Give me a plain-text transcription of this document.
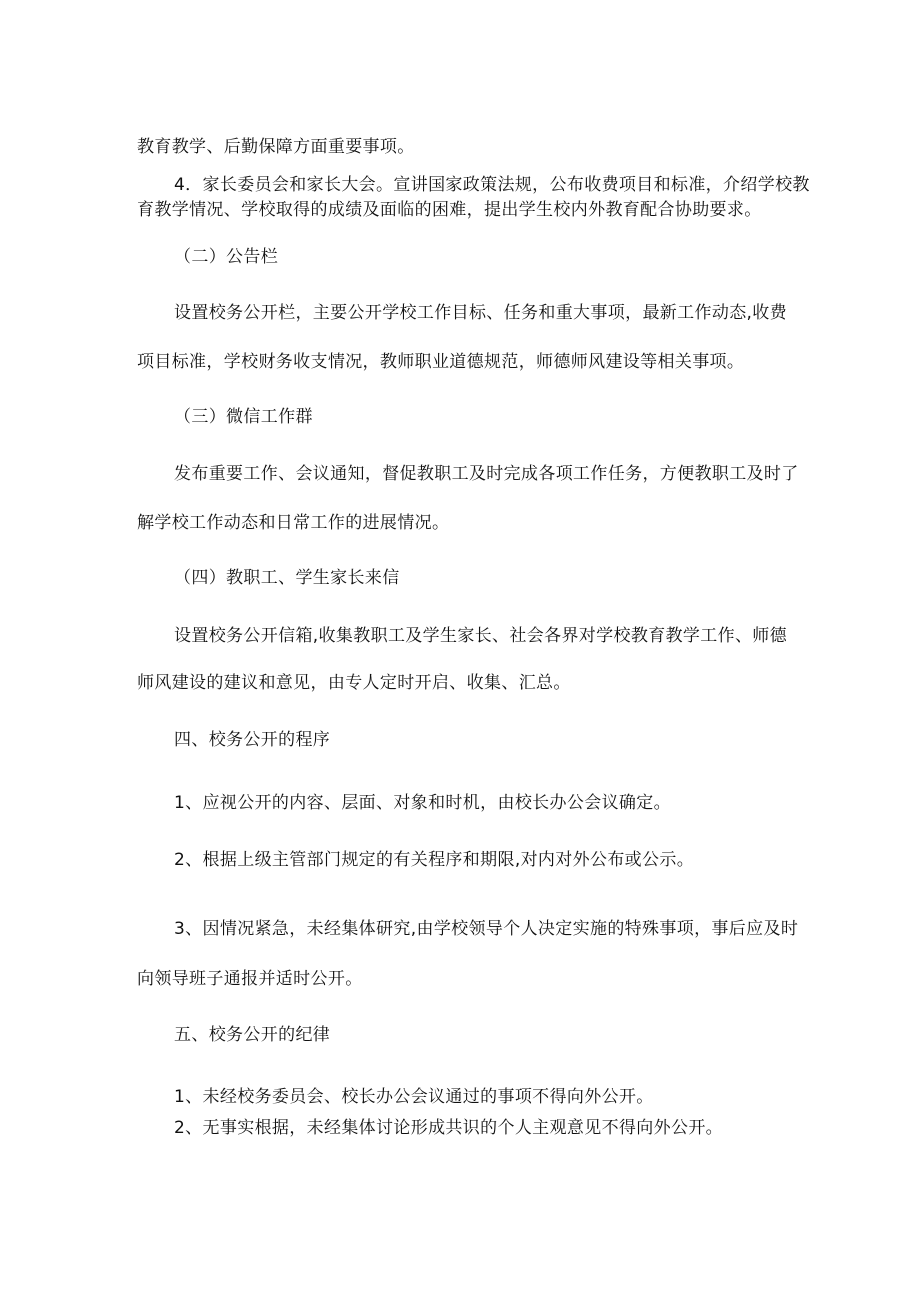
教育教学、后勤保障方面重要事项。
4．家长委员会和家长大会。宣讲国家政策法规，公布收费项目和标准，介绍学校教
育教学情况、学校取得的成绩及面临的困难，提出学生校内外教育配合协助要求。
（二）公告栏
设置校务公开栏，主要公开学校工作目标、任务和重大事项，最新工作动态,收费
项目标准，学校财务收支情况，教师职业道德规范，师德师风建设等相关事项。
（三）微信工作群
发布重要工作、会议通知，督促教职工及时完成各项工作任务，方便教职工及时了
解学校工作动态和日常工作的进展情况。
（四）教职工、学生家长来信
设置校务公开信箱,收集教职工及学生家长、社会各界对学校教育教学工作、师德
师风建设的建议和意见，由专人定时开启、收集、汇总。
四、校务公开的程序
1、应视公开的内容、层面、对象和时机，由校长办公会议确定。
2、根据上级主管部门规定的有关程序和期限,对内对外公布或公示。
3、因情况紧急，未经集体研究,由学校领导个人决定实施的特殊事项，事后应及时
向领导班子通报并适时公开。
五、校务公开的纪律
1、未经校务委员会、校长办公会议通过的事项不得向外公开。
2、无事实根据，未经集体讨论形成共识的个人主观意见不得向外公开。
